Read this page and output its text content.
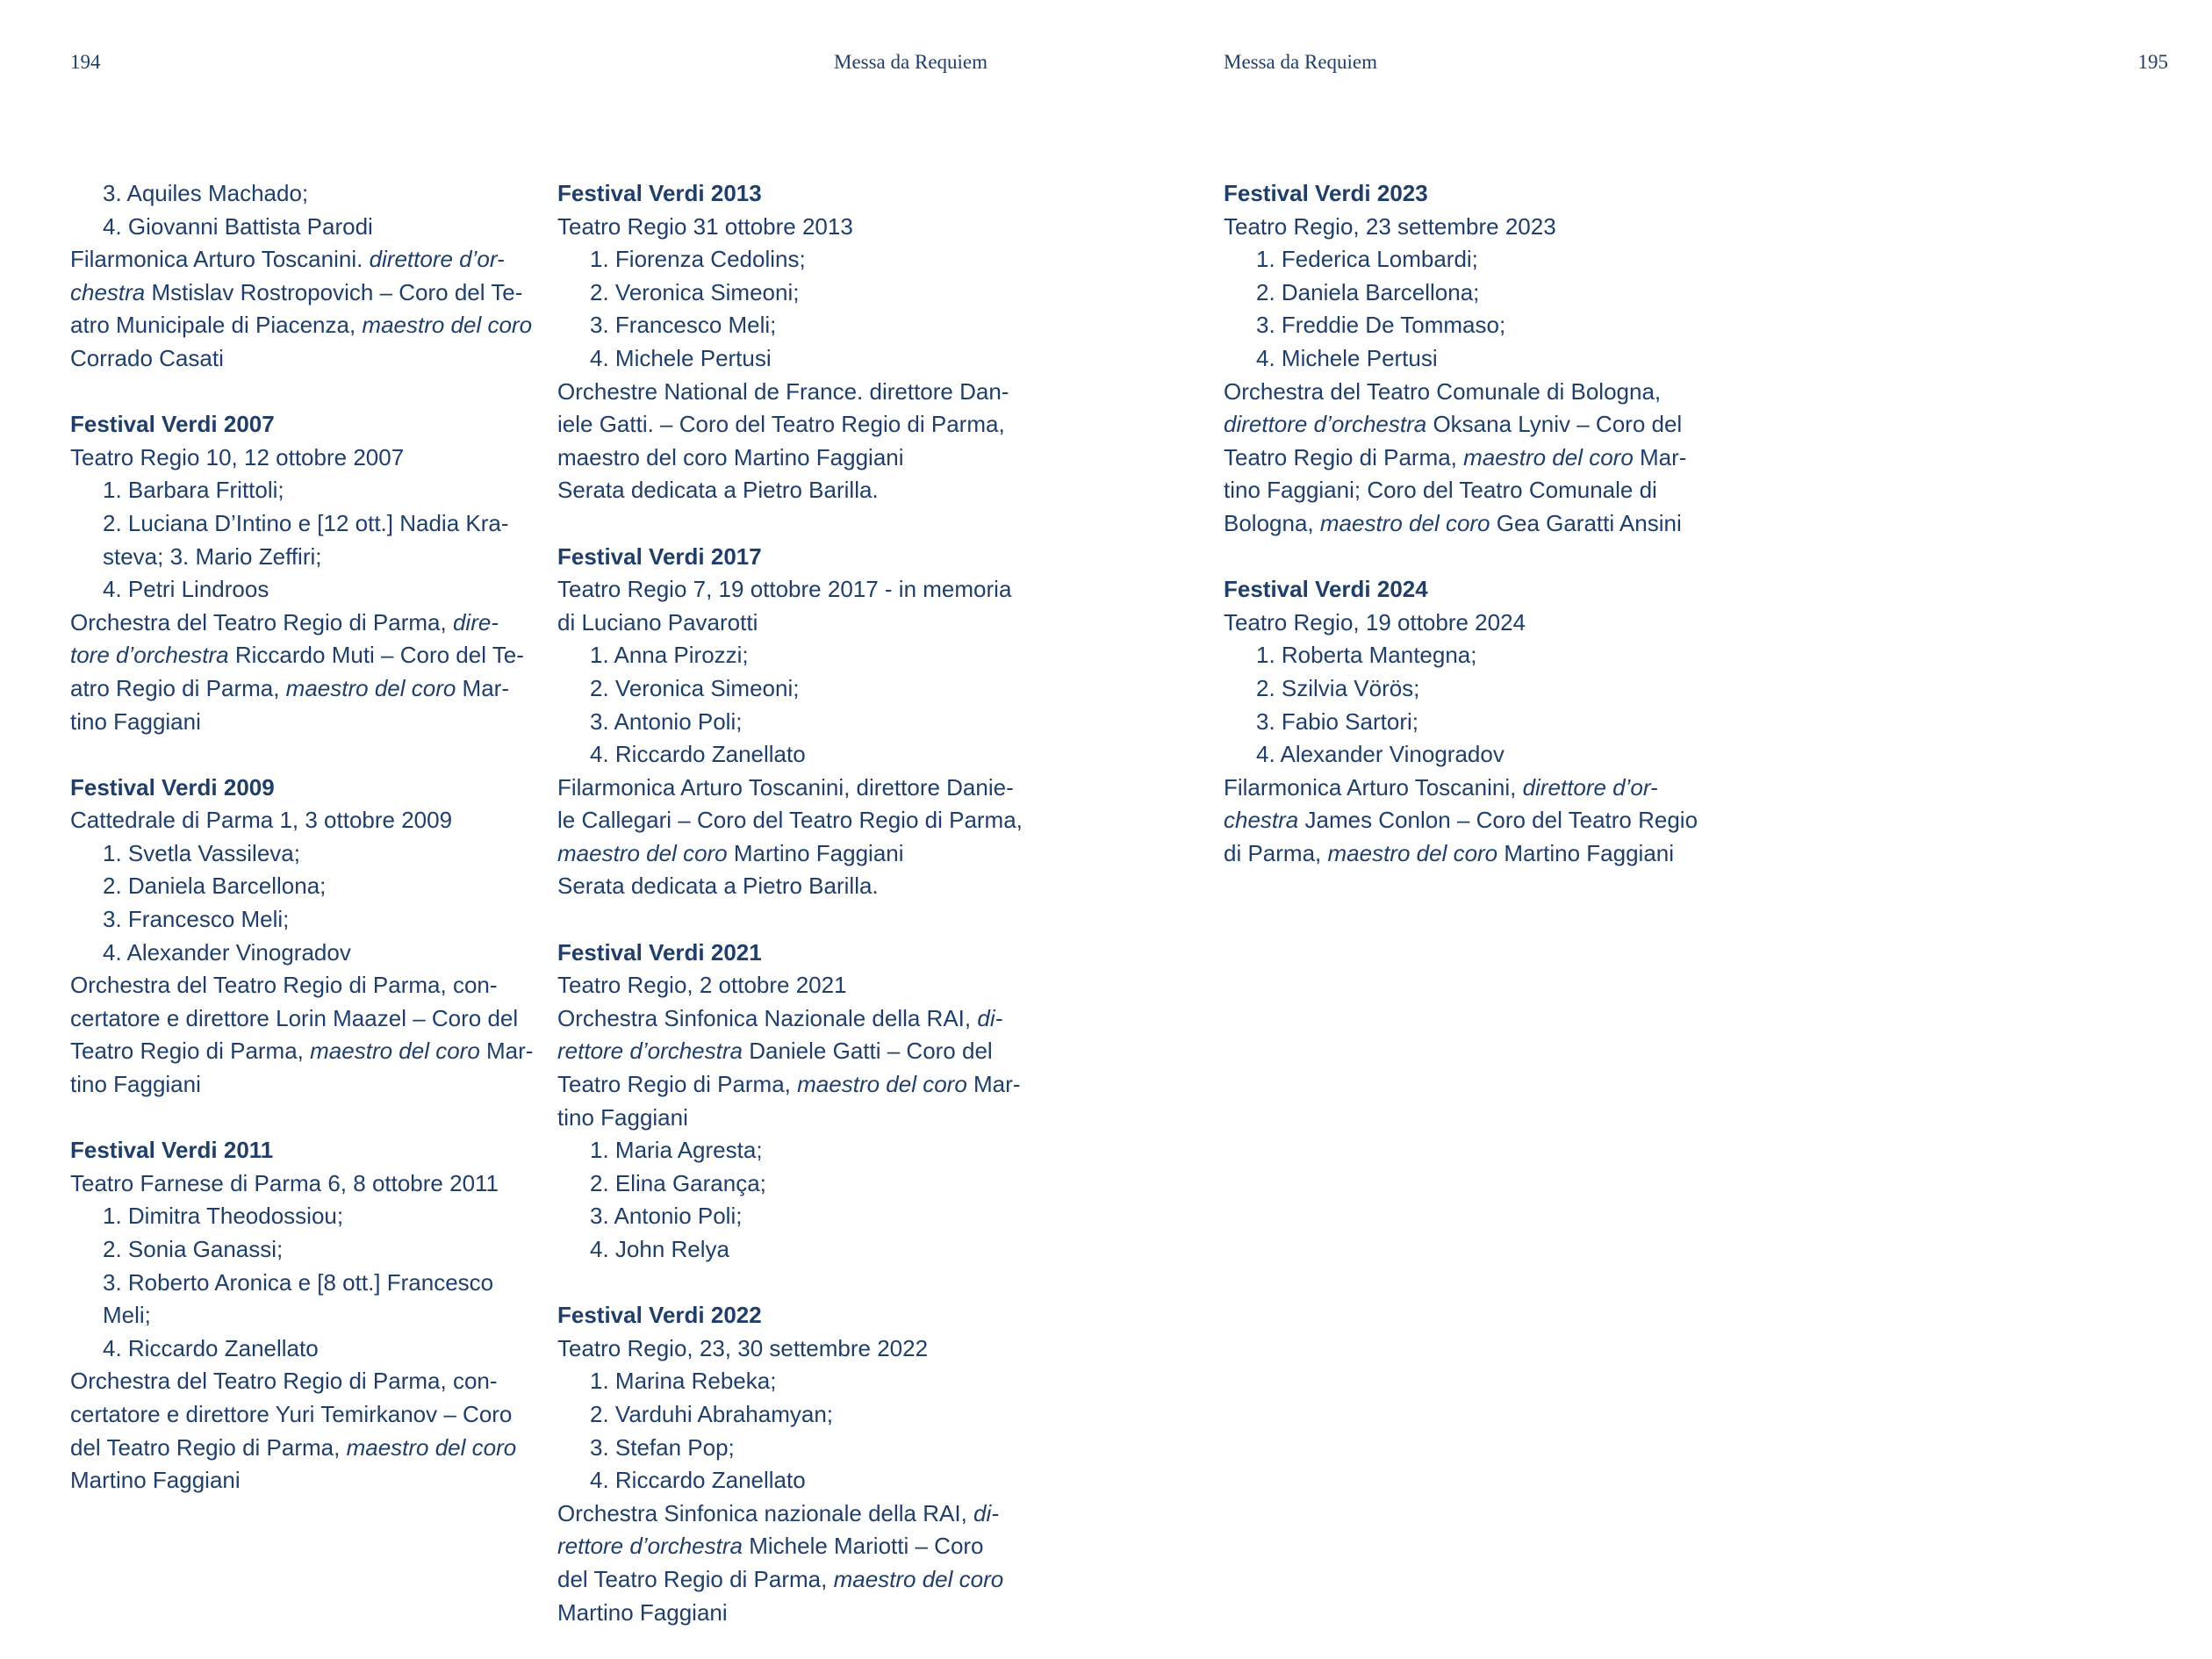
194	Messa da Requiem	Messa da Requiem	195
3. Aquiles Machado;
4. Giovanni Battista Parodi
Filarmonica Arturo Toscanini. direttore d’or-
chestra Mstislav Rostropovich – Coro del Te-
atro Municipale di Piacenza, maestro del coro
Corrado Casati
Festival Verdi 2007
Teatro Regio 10, 12 ottobre 2007
1. Barbara Frittoli;
2. Luciana D’Intino e [12 ott.] Nadia Kra-
steva; 3. Mario Zeffiri;
4. Petri Lindroos
Orchestra del Teatro Regio di Parma, dire-
tore d’orchestra Riccardo Muti – Coro del Te-
atro Regio di Parma, maestro del coro Mar-
tino Faggiani
Festival Verdi 2009
Cattedrale di Parma 1, 3 ottobre 2009
1. Svetla Vassileva;
2. Daniela Barcellona;
3. Francesco Meli;
4. Alexander Vinogradov
Orchestra del Teatro Regio di Parma, con-
certatore e direttore Lorin Maazel – Coro del
Teatro Regio di Parma, maestro del coro Mar-
tino Faggiani
Festival Verdi 2011
Teatro Farnese di Parma 6, 8 ottobre 2011
1. Dimitra Theodossiou;
2. Sonia Ganassi;
3. Roberto Aronica e [8 ott.] Francesco
Meli;
4. Riccardo Zanellato
Orchestra del Teatro Regio di Parma, con-
certatore e direttore Yuri Temirkanov – Coro
del Teatro Regio di Parma, maestro del coro
Martino Faggiani
Festival Verdi 2013
Teatro Regio 31 ottobre 2013
1. Fiorenza Cedolins;
2. Veronica Simeoni;
3. Francesco Meli;
4. Michele Pertusi
Orchestre National de France. direttore Dan-
iele Gatti. – Coro del Teatro Regio di Parma,
maestro del coro Martino Faggiani
Serata dedicata a Pietro Barilla.
Festival Verdi 2017
Teatro Regio 7, 19 ottobre 2017 - in memoria
di Luciano Pavarotti
1. Anna Pirozzi;
2. Veronica Simeoni;
3. Antonio Poli;
4. Riccardo Zanellato
Filarmonica Arturo Toscanini, direttore Danie-
le Callegari – Coro del Teatro Regio di Parma,
maestro del coro Martino Faggiani
Serata dedicata a Pietro Barilla.
Festival Verdi 2021
Teatro Regio, 2 ottobre 2021
Orchestra Sinfonica Nazionale della RAI, di-
rettore d’orchestra Daniele Gatti – Coro del
Teatro Regio di Parma, maestro del coro Mar-
tino Faggiani
1. Maria Agresta;
2. Elina Garança;
3. Antonio Poli;
4. John Relya
Festival Verdi 2022
Teatro Regio, 23, 30 settembre 2022
1. Marina Rebeka;
2. Varduhi Abrahamyan;
3. Stefan Pop;
4. Riccardo Zanellato
Orchestra Sinfonica nazionale della RAI, di-
rettore d’orchestra Michele Mariotti – Coro
del Teatro Regio di Parma, maestro del coro
Martino Faggiani
Festival Verdi 2023
Teatro Regio, 23 settembre 2023
1. Federica Lombardi;
2. Daniela Barcellona;
3. Freddie De Tommaso;
4. Michele Pertusi
Orchestra del Teatro Comunale di Bologna,
direttore d’orchestra Oksana Lyniv – Coro del
Teatro Regio di Parma, maestro del coro Mar-
tino Faggiani; Coro del Teatro Comunale di
Bologna, maestro del coro Gea Garatti Ansini
Festival Verdi 2024
Teatro Regio, 19 ottobre 2024
1. Roberta Mantegna;
2. Szilvia Vörös;
3. Fabio Sartori;
4. Alexander Vinogradov
Filarmonica Arturo Toscanini, direttore d’or-
chestra James Conlon – Coro del Teatro Regio
di Parma, maestro del coro Martino Faggiani
